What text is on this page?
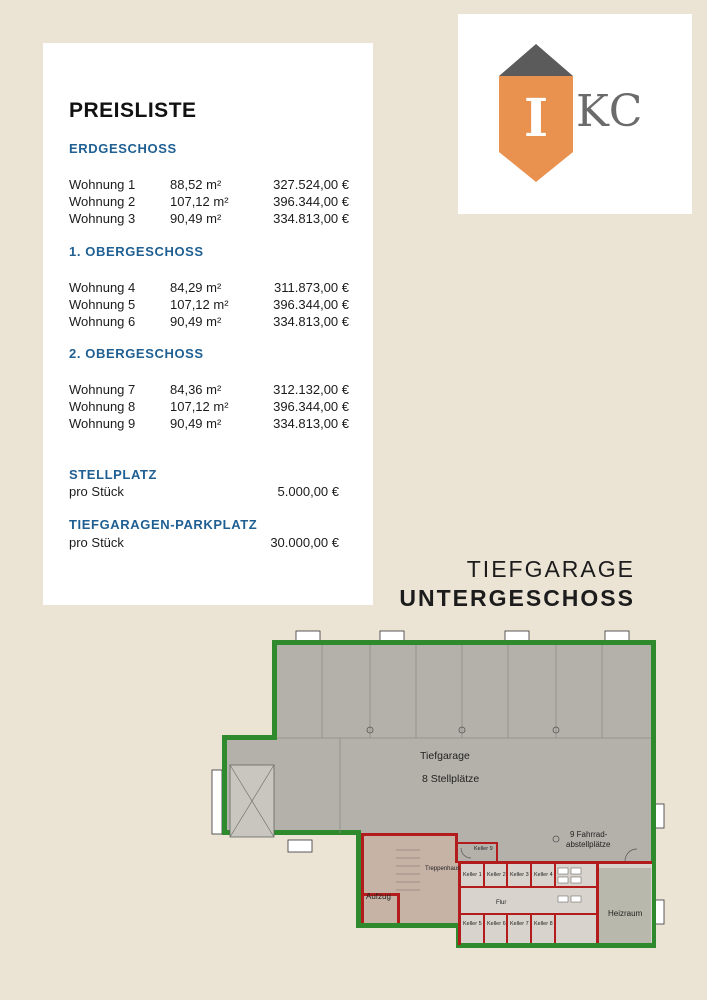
PREISLISTE
ERDGESCHOSS
Wohnung 1	88,52 m²	327.524,00 €
Wohnung 2	107,12 m²	396.344,00 €
Wohnung 3	90,49 m²	334.813,00 €
1. OBERGESCHOSS
Wohnung 4	84,29 m²	311.873,00 €
Wohnung 5	107,12 m²	396.344,00 €
Wohnung 6	90,49 m²	334.813,00 €
2. OBERGESCHOSS
Wohnung 7	84,36 m²	312.132,00 €
Wohnung 8	107,12 m²	396.344,00 €
Wohnung 9	90,49 m²	334.813,00 €
STELLPLATZ
pro Stück	5.000,00 €
TIEFGARAGEN-PARKPLATZ
pro Stück	30.000,00 €
I KC
TIEFGARAGE
UNTERGESCHOSS
Tiefgarage
8 Stellplätze
9 Fahrrad-
abstellplätze
Treppenhaus
Aufzug
Flur
Heizraum
Keller 9
Keller 1 Keller 2 Keller 3 Keller 4
Keller 5 Keller 6 Keller 7 Keller 8
